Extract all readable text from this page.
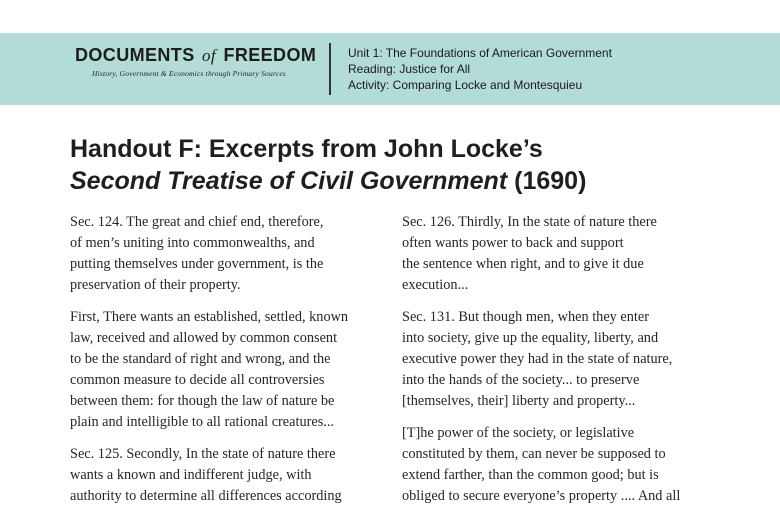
DOCUMENTS of FREEDOM
History, Government & Economics through Primary Sources
Unit 1: The Foundations of American Government
Reading: Justice for All
Activity: Comparing Locke and Montesquieu
Handout F: Excerpts from John Locke’s
Second Treatise of Civil Government (1690)

Sec. 124. The great and chief end, therefore,
of men’s uniting into commonwealths, and
putting themselves under government, is the
preservation of their property.

First, There wants an established, settled, known
law, received and allowed by common consent
to be the standard of right and wrong, and the
common measure to decide all controversies
between them: for though the law of nature be
plain and intelligible to all rational creatures...

Sec. 125. Secondly, In the state of nature there
wants a known and indifferent judge, with
authority to determine all differences according

Sec. 126. Thirdly, In the state of nature there
often wants power to back and support
the sentence when right, and to give it due
execution...

Sec. 131. But though men, when they enter
into society, give up the equality, liberty, and
executive power they had in the state of nature,
into the hands of the society... to preserve
[themselves, their] liberty and property...

[T]he power of the society, or legislative
constituted by them, can never be supposed to
extend farther, than the common good; but is
obliged to secure everyone’s property .... And all
